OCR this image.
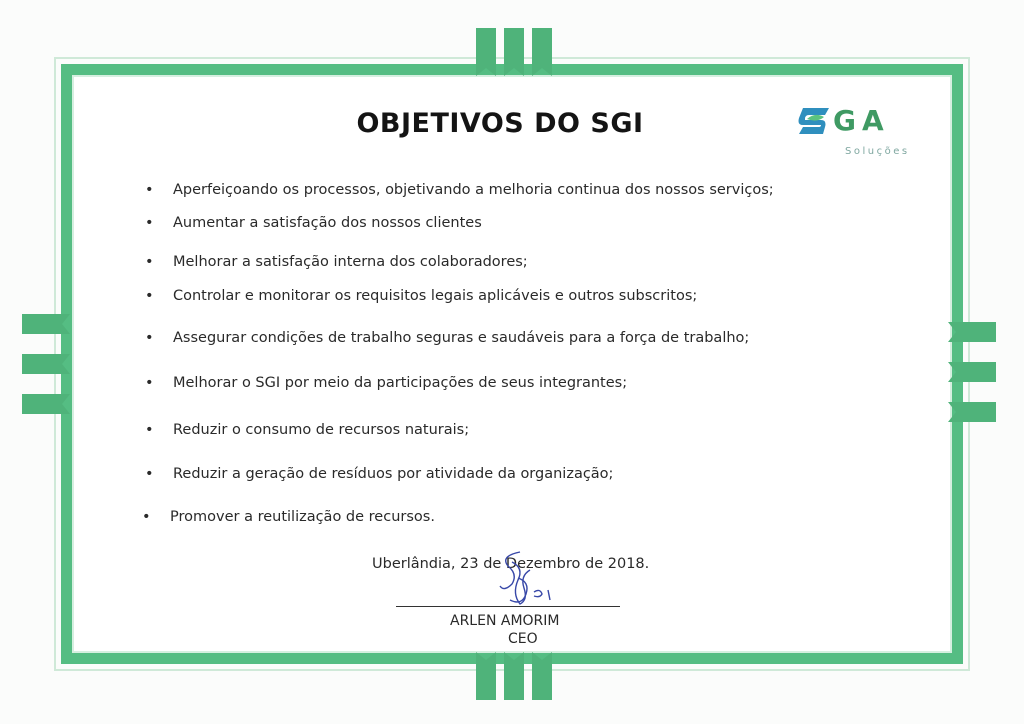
OBJETIVOS DO SGI	GA
Soluções
• Aperfeiçoando os processos, objetivando a melhoria continua dos nossos serviços;
• Aumentar a satisfação dos nossos clientes
• Melhorar a satisfação interna dos colaboradores;
• Controlar e monitorar os requisitos legais aplicáveis e outros subscritos;
• Assegurar condições de trabalho seguras e saudáveis para a força de trabalho;
• Melhorar o SGI por meio da participações de seus integrantes;
• Reduzir o consumo de recursos naturais;
• Reduzir a geração de resíduos por atividade da organização;
• Promover a reutilização de recursos.
Uberlândia, 23 de Dezembro de 2018.
ARLEN AMORIM
CEO
